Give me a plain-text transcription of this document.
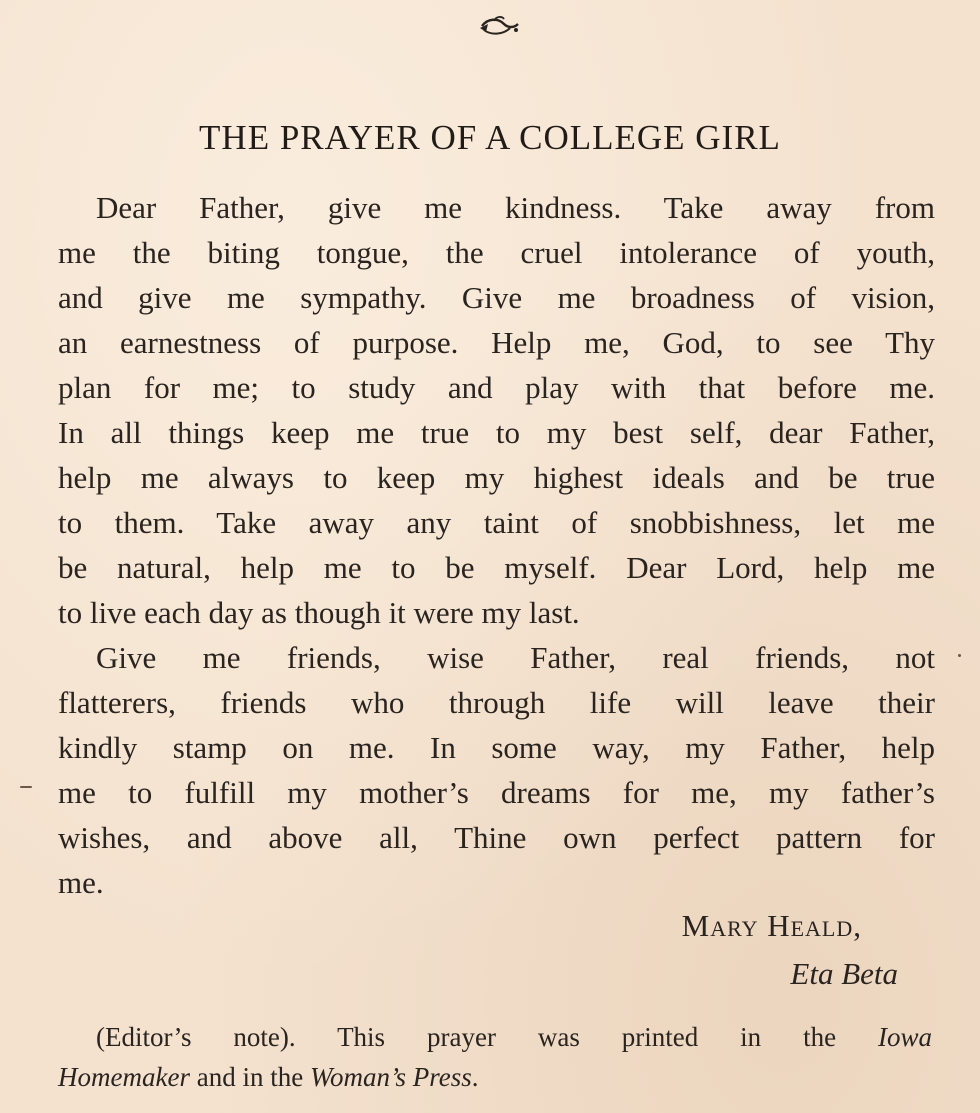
THE PRAYER OF A COLLEGE GIRL
Dear Father, give me kindness. Take away from
me the biting tongue, the cruel intolerance of youth,
and give me sympathy. Give me broadness of vision,
an earnestness of purpose. Help me, God, to see Thy
plan for me; to study and play with that before me.
In all things keep me true to my best self, dear Father,
help me always to keep my highest ideals and be true
to them. Take away any taint of snobbishness, let me
be natural, help me to be myself. Dear Lord, help me
to live each day as though it were my last.
Give me friends, wise Father, real friends, not
flatterers, friends who through life will leave their
kindly stamp on me. In some way, my Father, help
me to fulfill my mother’s dreams for me, my father’s
wishes, and above all, Thine own perfect pattern for
me.
Mary Heald,
Eta Beta
(Editor’s note). This prayer was printed in the Iowa
Homemaker and in the Woman’s Press.
